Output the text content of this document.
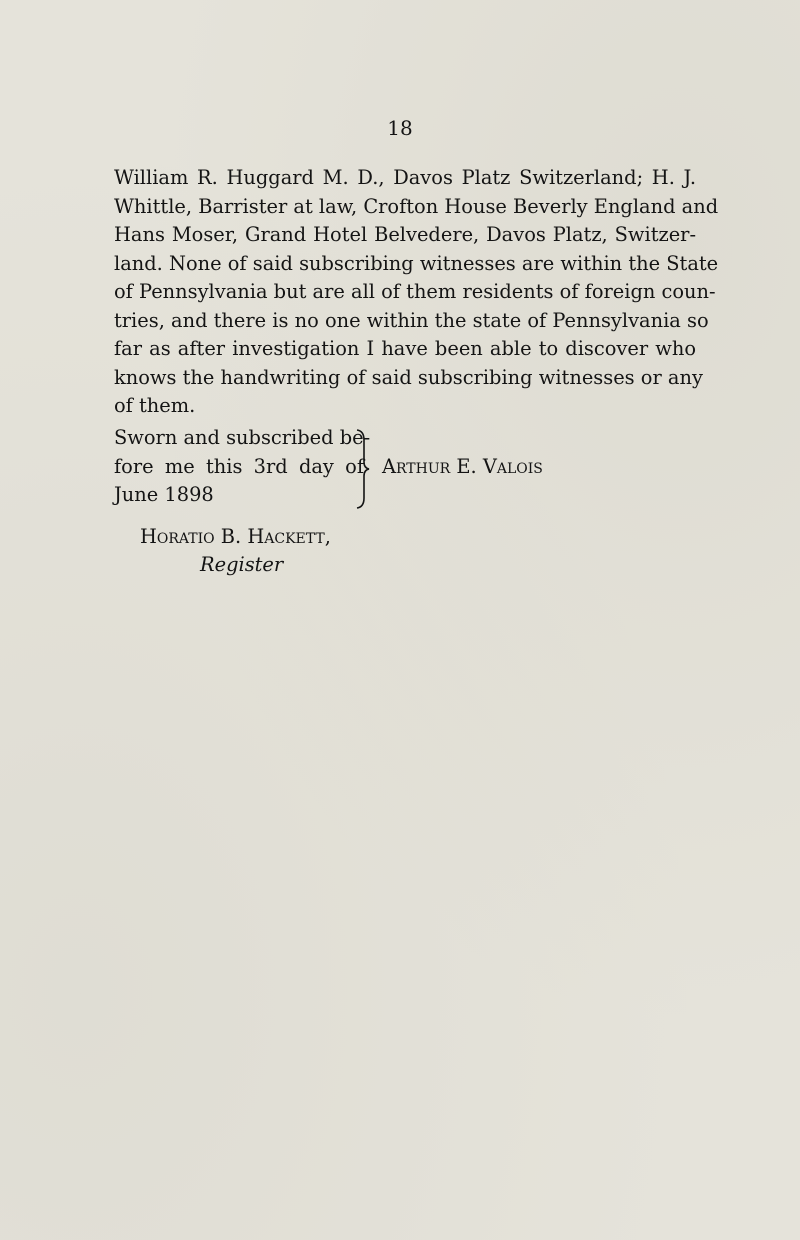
18
William R. Huggard M. D., Davos Platz Switzerland; H. J.
Whittle, Barrister at law, Crofton House Beverly England and
Hans Moser, Grand Hotel Belvedere, Davos Platz, Switzer-
land. None of said subscribing witnesses are within the State
of Pennsylvania but are all of them residents of foreign coun-
tries, and there is no one within the state of Pennsylvania so
far as after investigation I have been able to discover who
knows the handwriting of said subscribing witnesses or any
of them.
Sworn and subscribed be-
fore me this 3rd day of
June 1898
Arthur E. Valois
Horatio B. Hackett,
Register
